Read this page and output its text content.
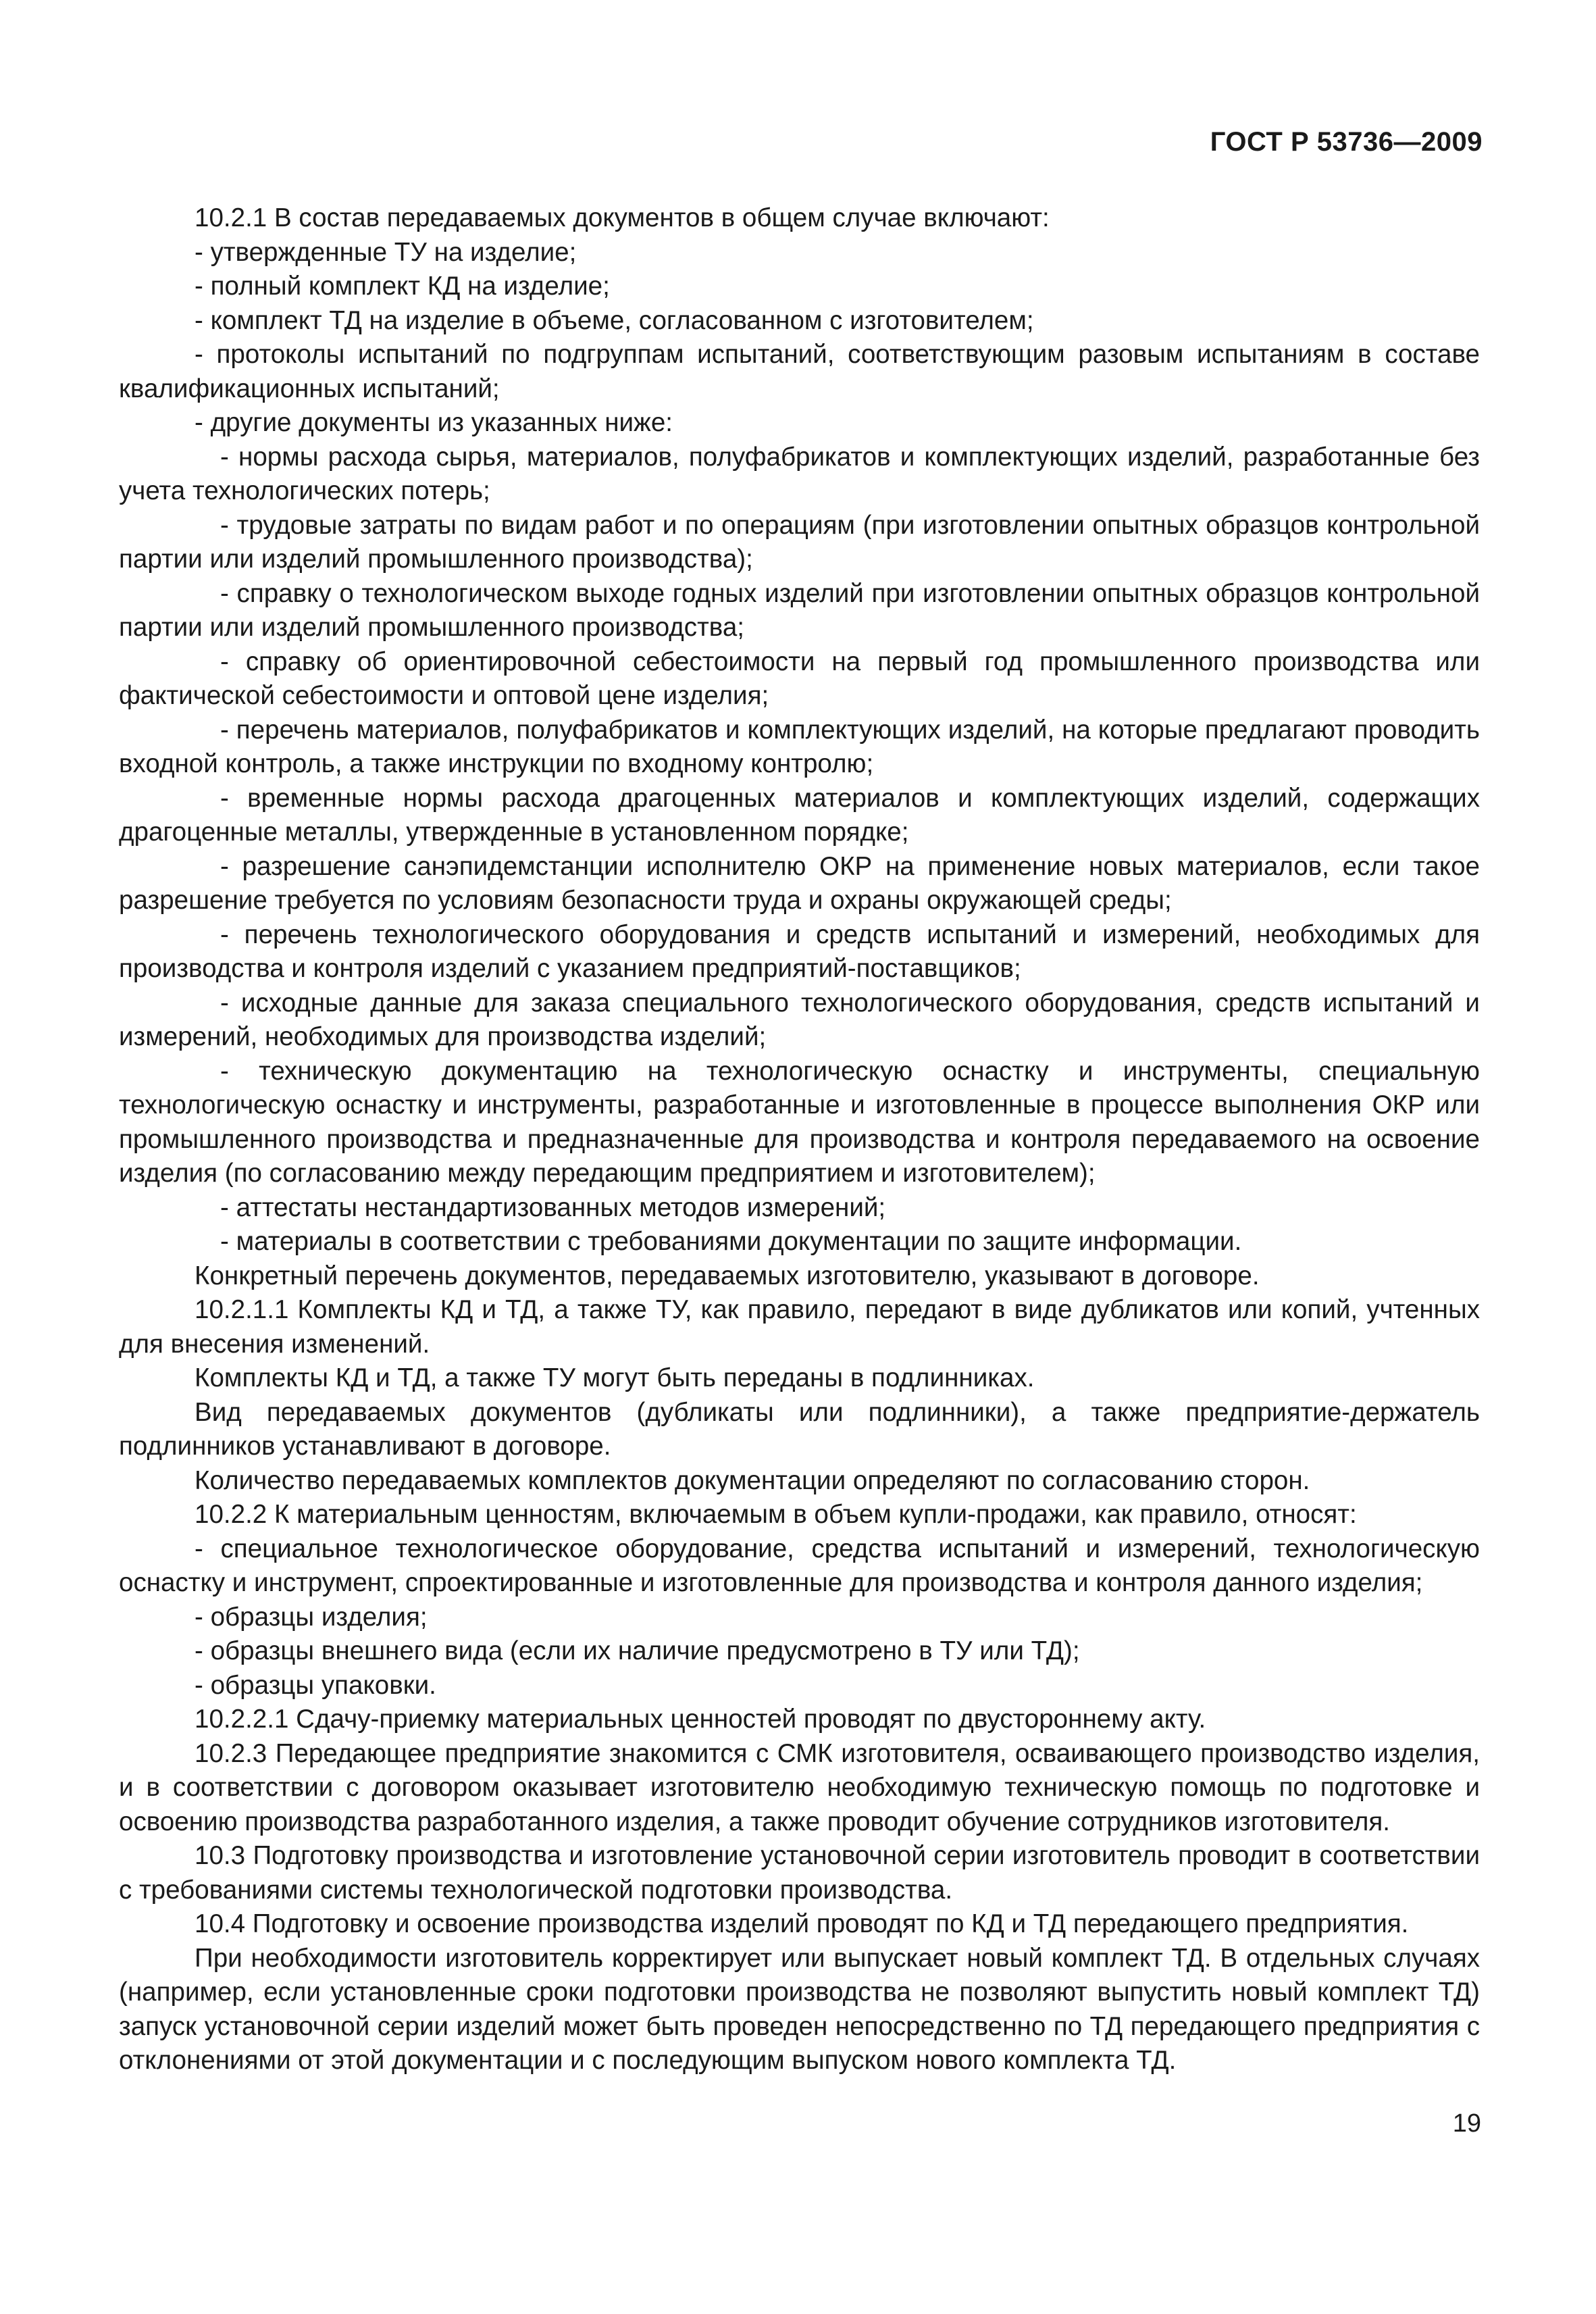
ГОСТ Р 53736—2009

10.2.1 В состав передаваемых документов в общем случае включают:

- утвержденные ТУ на изделие;

- полный комплект КД на изделие;

- комплект ТД на изделие в объеме, согласованном с изготовителем;

- протоколы испытаний по подгруппам испытаний, соответствующим разовым испытаниям в составе квалификационных испытаний;

- другие документы из указанных ниже:

- нормы расхода сырья, материалов, полуфабрикатов и комплектующих изделий, разработанные без учета технологических потерь;

- трудовые затраты по видам работ и по операциям (при изготовлении опытных образцов контрольной партии или изделий промышленного производства);

- справку о технологическом выходе годных изделий при изготовлении опытных образцов контрольной партии или изделий промышленного производства;

- справку об ориентировочной себестоимости на первый год промышленного производства или фактической себестоимости и оптовой цене изделия;

- перечень материалов, полуфабрикатов и комплектующих изделий, на которые предлагают проводить входной контроль, а также инструкции по входному контролю;

- временные нормы расхода драгоценных материалов и комплектующих изделий, содержащих драгоценные металлы, утвержденные в установленном порядке;

- разрешение санэпидемстанции исполнителю ОКР на применение новых материалов, если такое разрешение требуется по условиям безопасности труда и охраны окружающей среды;

- перечень технологического оборудования и средств испытаний и измерений, необходимых для производства и контроля изделий с указанием предприятий-поставщиков;

- исходные данные для заказа специального технологического оборудования, средств испытаний и измерений, необходимых для производства изделий;

- техническую документацию на технологическую оснастку и инструменты, специальную технологическую оснастку и инструменты, разработанные и изготовленные в процессе выполнения ОКР или промышленного производства и предназначенные для производства и контроля передаваемого на освоение изделия (по согласованию между передающим предприятием и изготовителем);

- аттестаты нестандартизованных методов измерений;

- материалы в соответствии с требованиями документации по защите информации.

Конкретный перечень документов, передаваемых изготовителю, указывают в договоре.

10.2.1.1 Комплекты КД и ТД, а также ТУ, как правило, передают в виде дубликатов или копий, учтенных для внесения изменений.

Комплекты КД и ТД, а также ТУ могут быть переданы в подлинниках.

Вид передаваемых документов (дубликаты или подлинники), а также предприятие-держатель подлинников устанавливают в договоре.

Количество передаваемых комплектов документации определяют по согласованию сторон.

10.2.2 К материальным ценностям, включаемым в объем купли-продажи, как правило, относят:

- специальное технологическое оборудование, средства испытаний и измерений, технологическую оснастку и инструмент, спроектированные и изготовленные для производства и контроля данного изделия;

- образцы изделия;

- образцы внешнего вида (если их наличие предусмотрено в ТУ или ТД);

- образцы упаковки.

10.2.2.1 Сдачу-приемку материальных ценностей проводят по двустороннему акту.

10.2.3 Передающее предприятие знакомится с СМК изготовителя, осваивающего производство изделия, и в соответствии с договором оказывает изготовителю необходимую техническую помощь по подготовке и освоению производства разработанного изделия, а также проводит обучение сотрудников изготовителя.

10.3 Подготовку производства и изготовление установочной серии изготовитель проводит в соответствии с требованиями системы технологической подготовки производства.

10.4 Подготовку и освоение производства изделий проводят по КД и ТД передающего предприятия.

При необходимости изготовитель корректирует или выпускает новый комплект ТД. В отдельных случаях (например, если установленные сроки подготовки производства не позволяют выпустить новый комплект ТД) запуск установочной серии изделий может быть проведен непосредственно по ТД передающего предприятия с отклонениями от этой документации и с последующим выпуском нового комплекта ТД.

19
